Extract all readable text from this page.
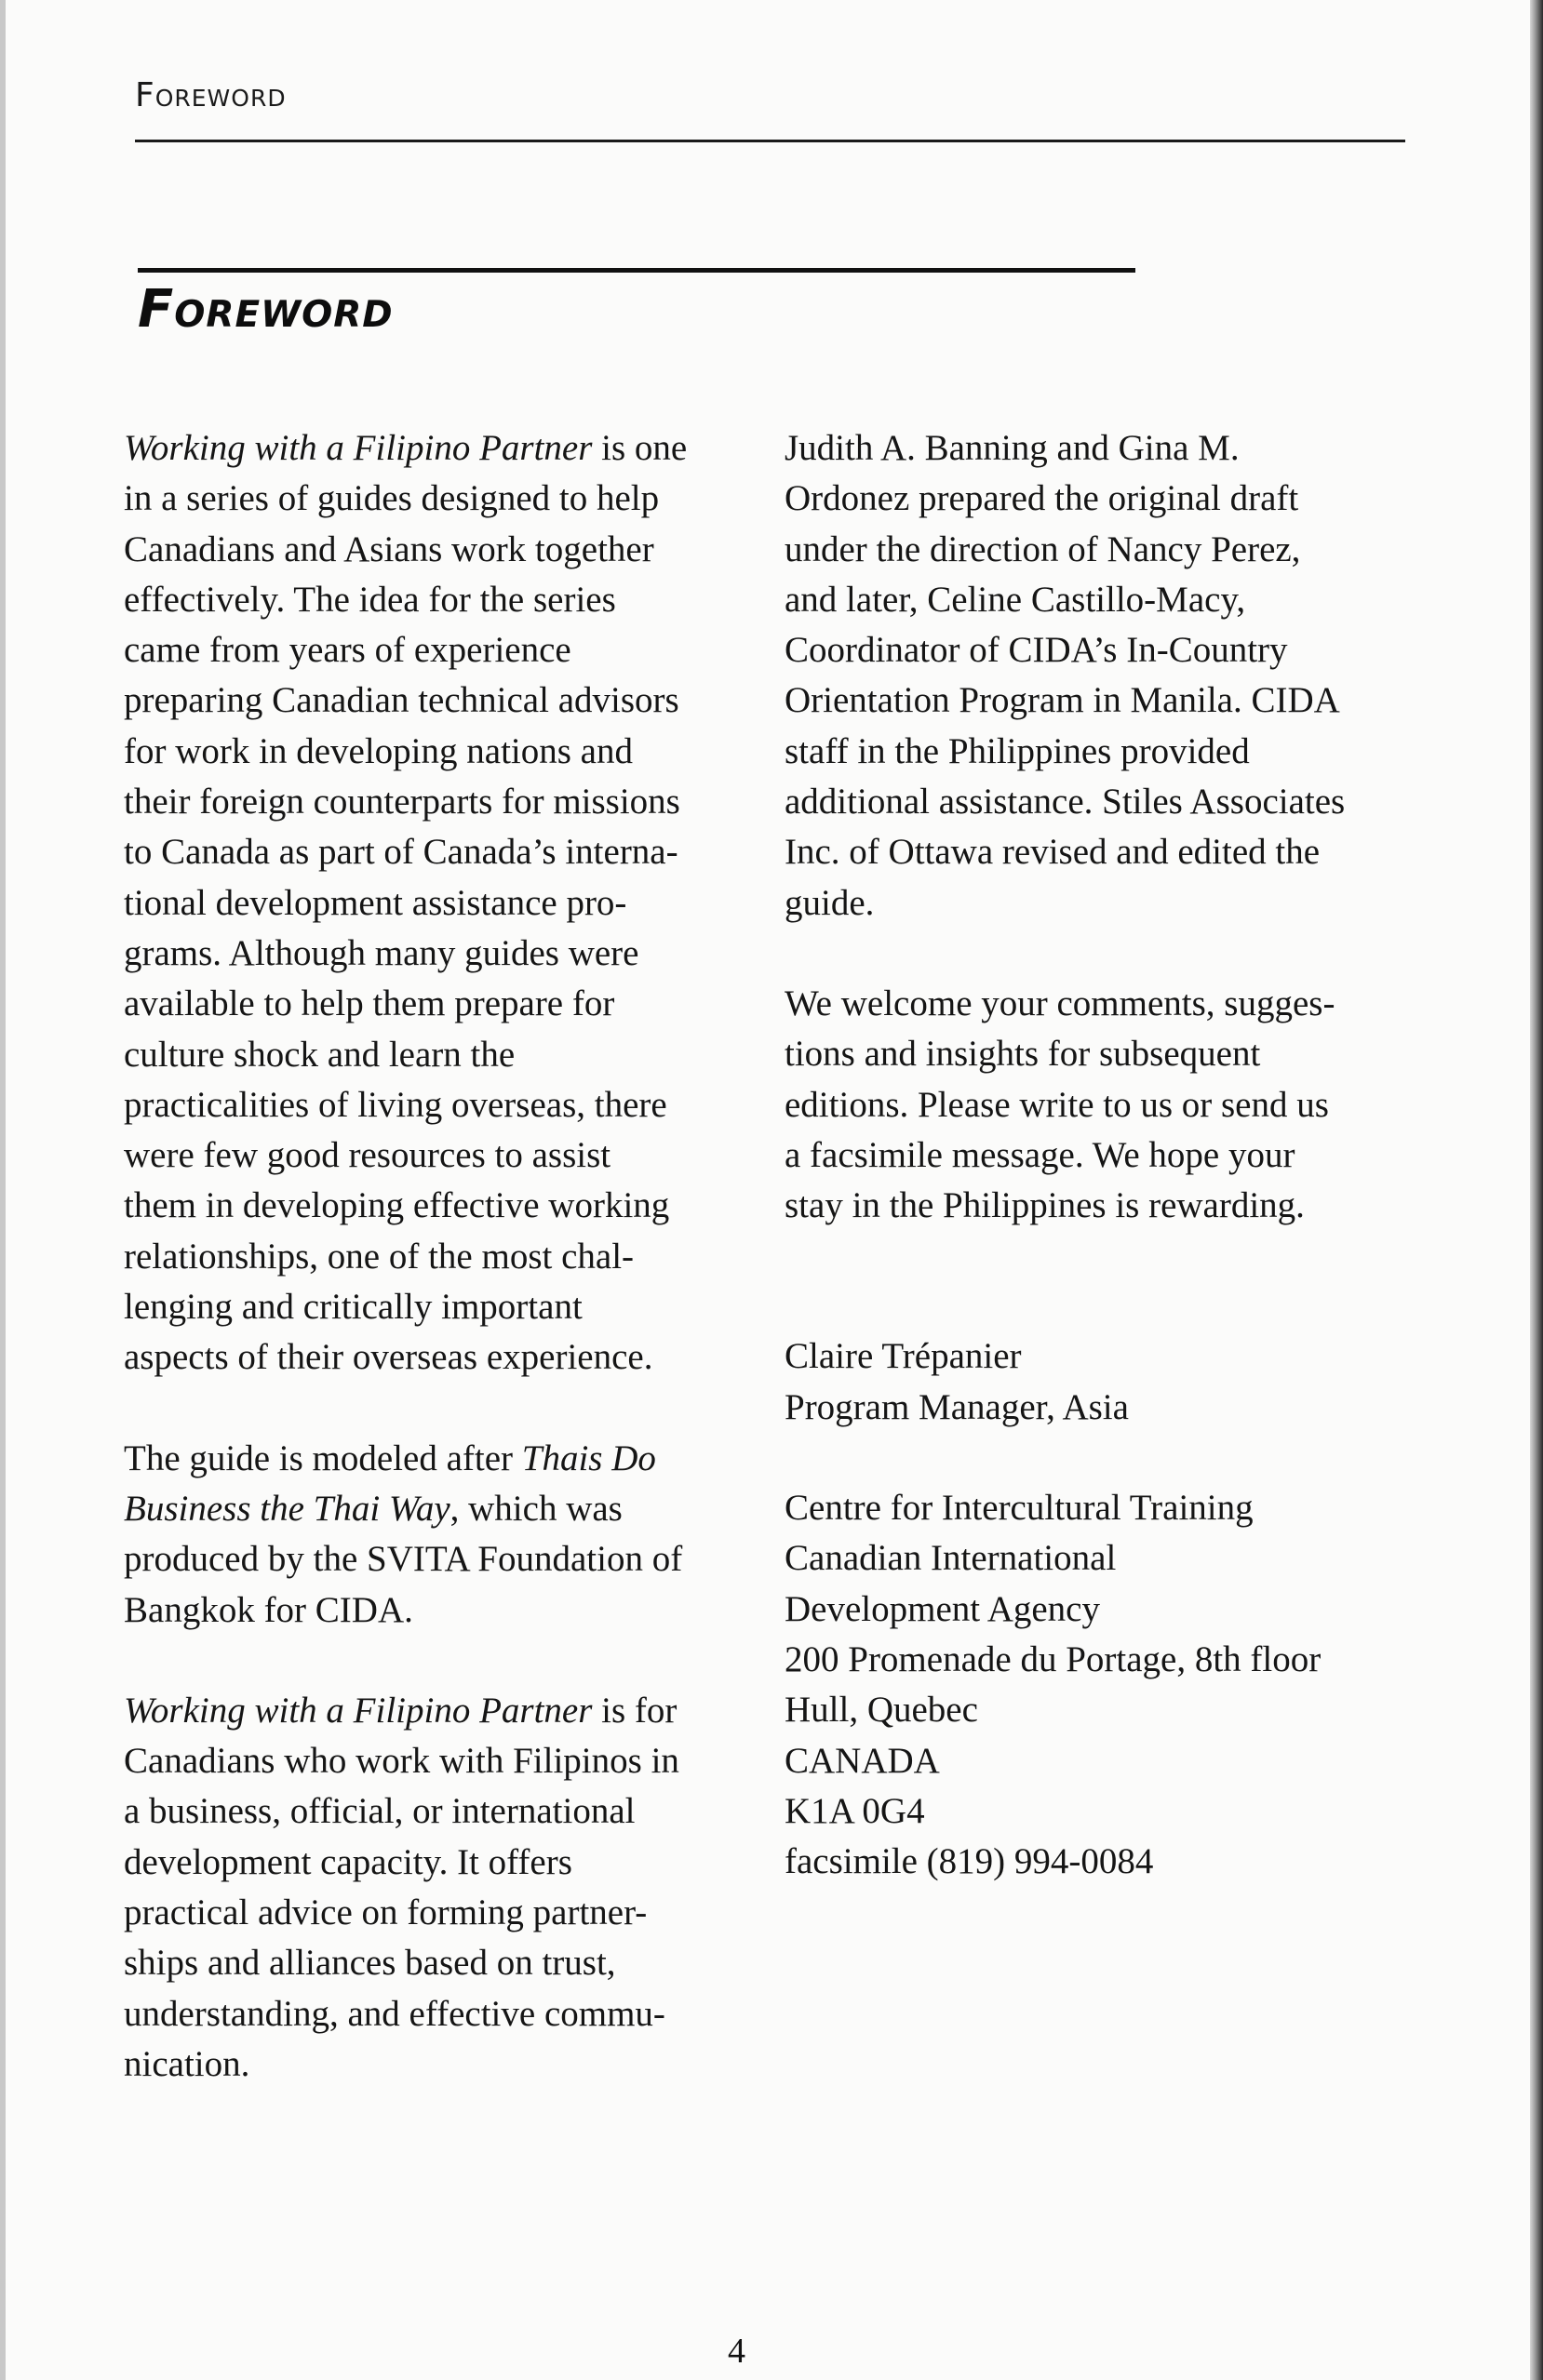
Foreword
Foreword
Working with a Filipino Partner is one
in a series of guides designed to help
Canadians and Asians work together
effectively. The idea for the series
came from years of experience
preparing Canadian technical advisors
for work in developing nations and
their foreign counterparts for missions
to Canada as part of Canada’s interna-
tional development assistance pro-
grams. Although many guides were
available to help them prepare for
culture shock and learn the
practicalities of living overseas, there
were few good resources to assist
them in developing effective working
relationships, one of the most chal-
lenging and critically important
aspects of their overseas experience.
The guide is modeled after Thais Do
Business the Thai Way, which was
produced by the SVITA Foundation of
Bangkok for CIDA.
Working with a Filipino Partner is for
Canadians who work with Filipinos in
a business, official, or international
development capacity. It offers
practical advice on forming partner-
ships and alliances based on trust,
understanding, and effective commu-
nication.
Judith A. Banning and Gina M.
Ordonez prepared the original draft
under the direction of Nancy Perez,
and later, Celine Castillo-Macy,
Coordinator of CIDA’s In-Country
Orientation Program in Manila. CIDA
staff in the Philippines provided
additional assistance. Stiles Associates
Inc. of Ottawa revised and edited the
guide.
We welcome your comments, sugges-
tions and insights for subsequent
editions. Please write to us or send us
a facsimile message. We hope your
stay in the Philippines is rewarding.
Claire Trépanier
Program Manager, Asia
Centre for Intercultural Training
Canadian International
Development Agency
200 Promenade du Portage, 8th floor
Hull, Quebec
CANADA
K1A 0G4
facsimile (819) 994-0084
4
